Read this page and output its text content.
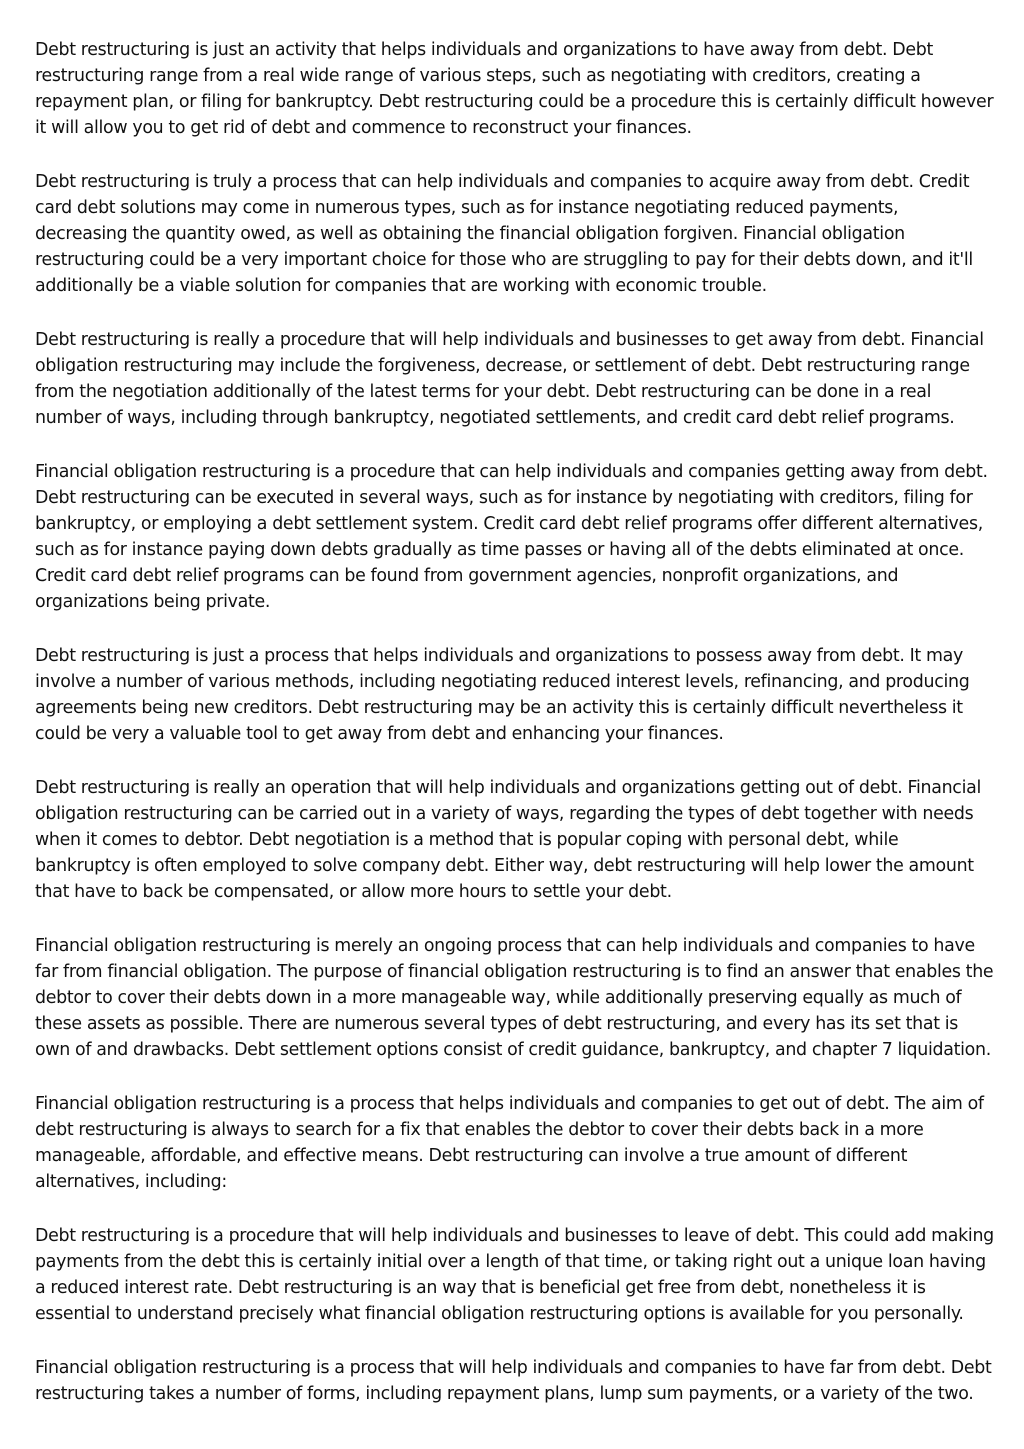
Debt restructuring is just an activity that helps individuals and organizations to have away from debt. Debt restructuring range from a real wide range of various steps, such as negotiating with creditors, creating a repayment plan, or filing for bankruptcy. Debt restructuring could be a procedure this is certainly difficult however it will allow you to get rid of debt and commence to reconstruct your finances.

Debt restructuring is truly a process that can help individuals and companies to acquire away from debt. Credit card debt solutions may come in numerous types, such as for instance negotiating reduced payments, decreasing the quantity owed, as well as obtaining the financial obligation forgiven. Financial obligation restructuring could be a very important choice for those who are struggling to pay for their debts down, and it'll additionally be a viable solution for companies that are working with economic trouble.

Debt restructuring is really a procedure that will help individuals and businesses to get away from debt. Financial obligation restructuring may include the forgiveness, decrease, or settlement of debt. Debt restructuring range from the negotiation additionally of the latest terms for your debt. Debt restructuring can be done in a real number of ways, including through bankruptcy, negotiated settlements, and credit card debt relief programs.

Financial obligation restructuring is a procedure that can help individuals and companies getting away from debt. Debt restructuring can be executed in several ways, such as for instance by negotiating with creditors, filing for bankruptcy, or employing a debt settlement system. Credit card debt relief programs offer different alternatives, such as for instance paying down debts gradually as time passes or having all of the debts eliminated at once. Credit card debt relief programs can be found from government agencies, nonprofit organizations, and organizations being private.

Debt restructuring is just a process that helps individuals and organizations to possess away from debt. It may involve a number of various methods, including negotiating reduced interest levels, refinancing, and producing agreements being new creditors. Debt restructuring may be an activity this is certainly difficult nevertheless it could be very a valuable tool to get away from debt and enhancing your finances.

Debt restructuring is really an operation that will help individuals and organizations getting out of debt. Financial obligation restructuring can be carried out in a variety of ways, regarding the types of debt together with needs when it comes to debtor. Debt negotiation is a method that is popular coping with personal debt, while bankruptcy is often employed to solve company debt. Either way, debt restructuring will help lower the amount that have to back be compensated, or allow more hours to settle your debt.

Financial obligation restructuring is merely an ongoing process that can help individuals and companies to have far from financial obligation. The purpose of financial obligation restructuring is to find an answer that enables the debtor to cover their debts down in a more manageable way, while additionally preserving equally as much of these assets as possible. There are numerous several types of debt restructuring, and every has its set that is own of and drawbacks. Debt settlement options consist of credit guidance, bankruptcy, and chapter 7 liquidation.

Financial obligation restructuring is a process that helps individuals and companies to get out of debt. The aim of debt restructuring is always to search for a fix that enables the debtor to cover their debts back in a more manageable, affordable, and effective means. Debt restructuring can involve a true amount of different alternatives, including:

Debt restructuring is a procedure that will help individuals and businesses to leave of debt. This could add making payments from the debt this is certainly initial over a length of that time, or taking right out a unique loan having a reduced interest rate. Debt restructuring is an way that is beneficial get free from debt, nonetheless it is essential to understand precisely what financial obligation restructuring options is available for you personally.

Financial obligation restructuring is a process that will help individuals and companies to have far from debt. Debt restructuring takes a number of forms, including repayment plans, lump sum payments, or a variety of the two.
